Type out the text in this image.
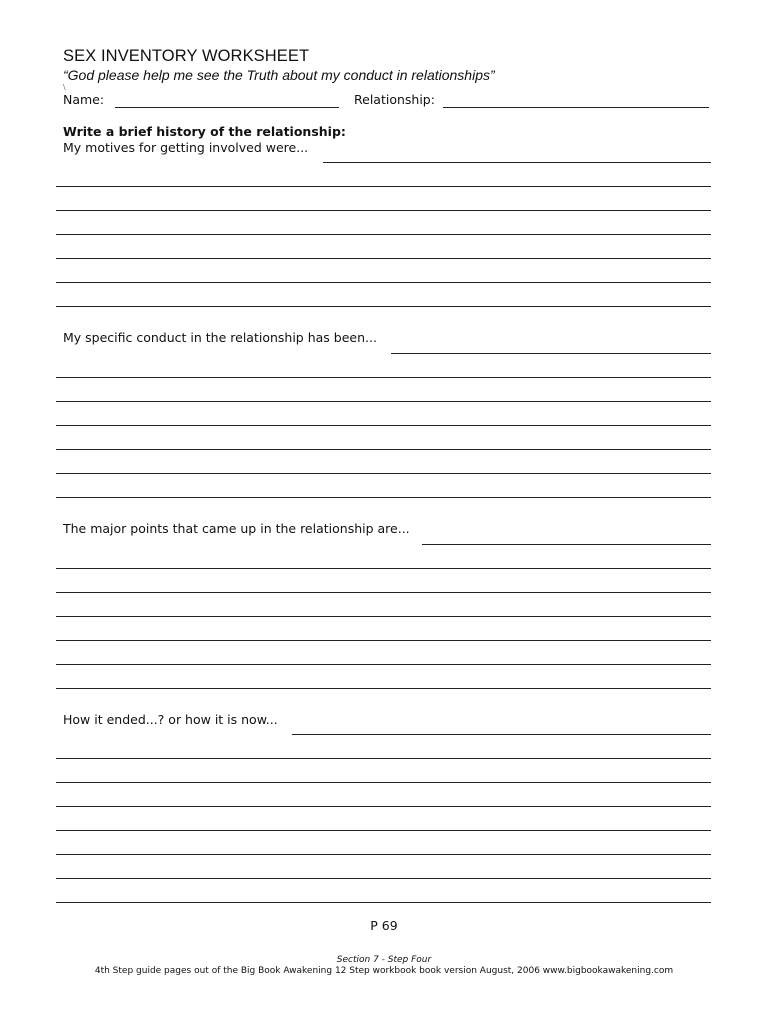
SEX INVENTORY WORKSHEET
“God please help me see the Truth about my conduct in relationships”
\
Name:	Relationship:
Write a brief history of the relationship:
My motives for getting involved were...
My specific conduct in the relationship has been...
The major points that came up in the relationship are...
How it ended...? or how it is now...
P 69
Section 7 - Step Four
4th Step guide pages out of the Big Book Awakening 12 Step workbook book version August, 2006 www.bigbookawakening.com
